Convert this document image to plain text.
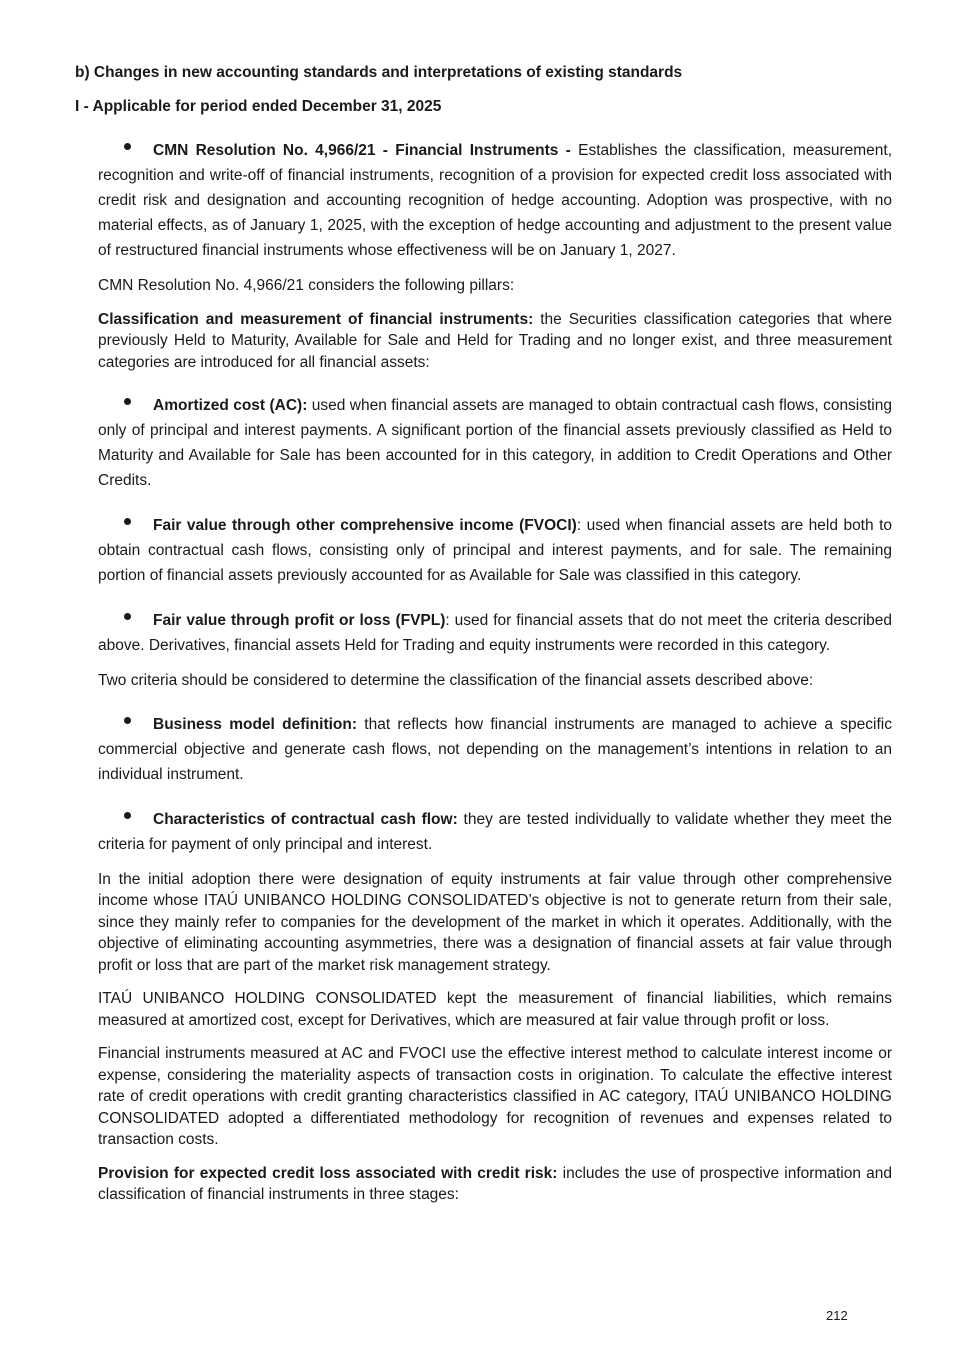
b) Changes in new accounting standards and interpretations of existing standards

I - Applicable for period ended December 31, 2025

CMN Resolution No. 4,966/21 - Financial Instruments - Establishes the classification, measurement, recognition and write-off of financial instruments, recognition of a provision for expected credit loss associated with credit risk and designation and accounting recognition of hedge accounting. Adoption was prospective, with no material effects, as of January 1, 2025, with the exception of hedge accounting and adjustment to the present value of restructured financial instruments whose effectiveness will be on January 1, 2027.

CMN Resolution No. 4,966/21 considers the following pillars:

Classification and measurement of financial instruments: the Securities classification categories that where previously Held to Maturity, Available for Sale and Held for Trading and no longer exist, and three measurement categories are introduced for all financial assets:

Amortized cost (AC): used when financial assets are managed to obtain contractual cash flows, consisting only of principal and interest payments. A significant portion of the financial assets previously classified as Held to Maturity and Available for Sale has been accounted for in this category, in addition to Credit Operations and Other Credits.
Fair value through other comprehensive income (FVOCI): used when financial assets are held both to obtain contractual cash flows, consisting only of principal and interest payments, and for sale. The remaining portion of financial assets previously accounted for as Available for Sale was classified in this category.
Fair value through profit or loss (FVPL): used for financial assets that do not meet the criteria described above. Derivatives, financial assets Held for Trading and equity instruments were recorded in this category.

Two criteria should be considered to determine the classification of the financial assets described above:

Business model definition: that reflects how financial instruments are managed to achieve a specific commercial objective and generate cash flows, not depending on the management’s intentions in relation to an individual instrument.
Characteristics of contractual cash flow: they are tested individually to validate whether they meet the criteria for payment of only principal and interest.

In the initial adoption there were designation of equity instruments at fair value through other comprehensive income whose ITAÚ UNIBANCO HOLDING CONSOLIDATED’s objective is not to generate return from their sale, since they mainly refer to companies for the development of the market in which it operates. Additionally, with the objective of eliminating accounting asymmetries, there was a designation of financial assets at fair value through profit or loss that are part of the market risk management strategy.

ITAÚ UNIBANCO HOLDING CONSOLIDATED kept the measurement of financial liabilities, which remains measured at amortized cost, except for Derivatives, which are measured at fair value through profit or loss.

Financial instruments measured at AC and FVOCI use the effective interest method to calculate interest income or expense, considering the materiality aspects of transaction costs in origination. To calculate the effective interest rate of credit operations with credit granting characteristics classified in AC category, ITAÚ UNIBANCO HOLDING CONSOLIDATED adopted a differentiated methodology for recognition of revenues and expenses related to transaction costs.

Provision for expected credit loss associated with credit risk: includes the use of prospective information and classification of financial instruments in three stages:

212
